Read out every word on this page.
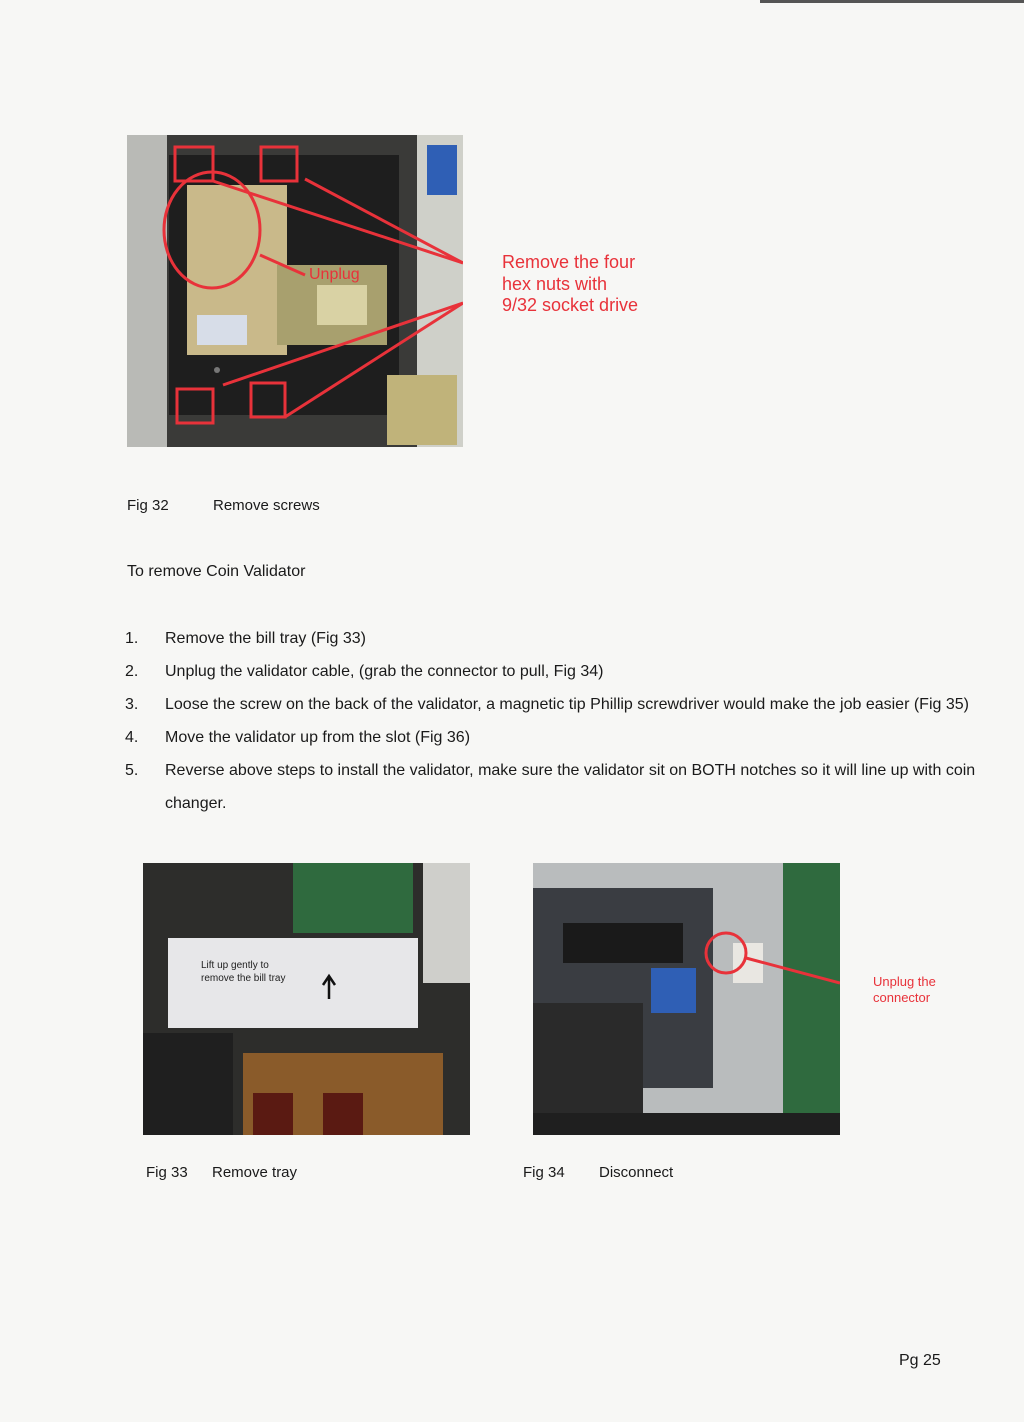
Unplug
Remove the four
hex nuts with
9/32 socket drive
Fig 32	Remove screws
To remove Coin Validator
1.	Remove the bill tray (Fig 33)
2.	Unplug the validator cable, (grab the connector to pull, Fig 34)
3.	Loose the screw on the back of the validator, a magnetic tip Phillip screwdriver would make the job easier (Fig 35)
4.	Move the validator up from the slot (Fig 36)
5.	Reverse above steps to install the validator, make sure the validator sit on BOTH notches so it will line up with coin changer.
Lift up gently to
remove the bill tray
Fig 33 Remove tray
Unplug the
connector
Fig 34 Disconnect
Pg 25
